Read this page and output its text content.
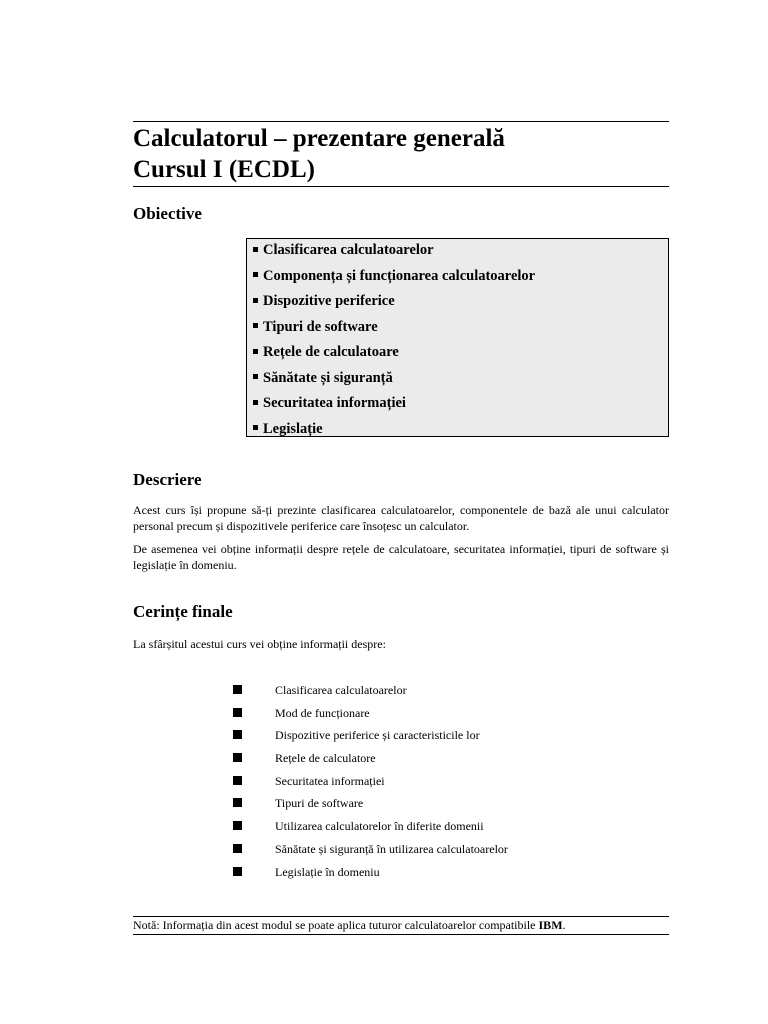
Calculatorul – prezentare generală
Cursul I (ECDL)
Obiective
Clasificarea calculatoarelor
Componența și funcționarea calculatoarelor
Dispozitive periferice
Tipuri de software
Rețele de calculatoare
Sănătate și siguranță
Securitatea informației
Legislație
Descriere
Acest curs își propune să-ți prezinte clasificarea calculatoarelor, componentele de bază ale unui calculator personal precum și dispozitivele periferice care însoțesc un calculator.
De asemenea vei obține informații despre rețele de calculatoare, securitatea informației, tipuri de software și legislație în domeniu.
Cerințe finale
La sfârșitul acestui curs vei obține informații despre:
Clasificarea calculatoarelor
Mod de funcționare
Dispozitive periferice și caracteristicile lor
Rețele de calculatore
Securitatea informației
Tipuri de software
Utilizarea calculatorelor în diferite domenii
Sănătate și siguranță în utilizarea calculatoarelor
Legislație în domeniu
Notă: Informația din acest modul se poate aplica tuturor calculatoarelor compatibile IBM.
